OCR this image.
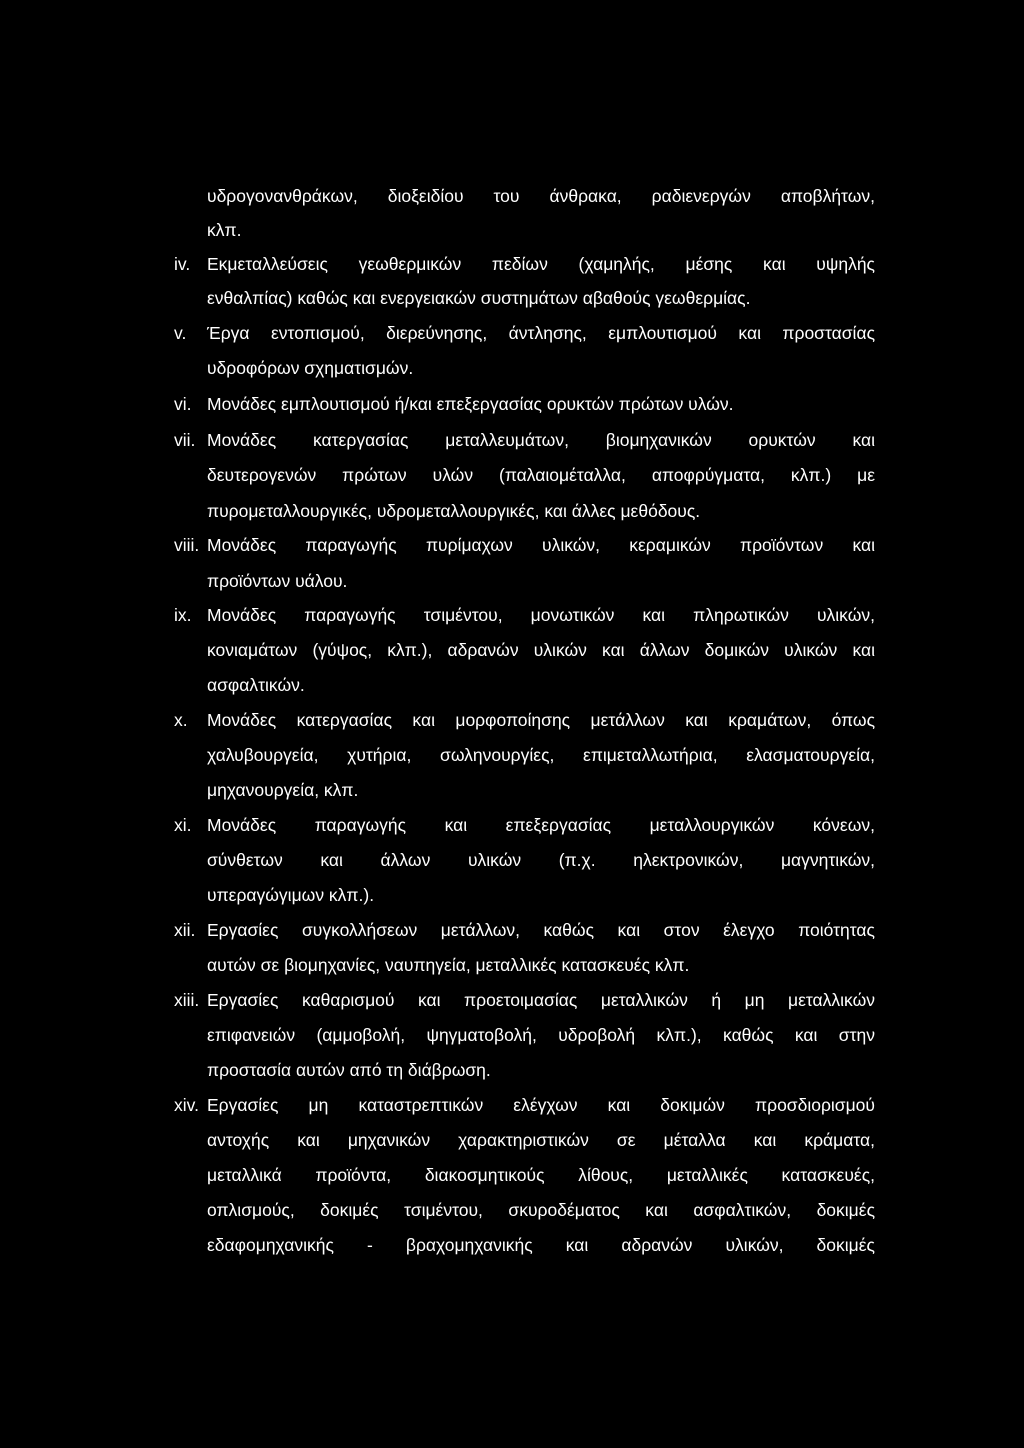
υδρογονανθράκων, διοξειδίου του άνθρακα, ραδιενεργών αποβλήτων,
κλπ.
iv. Εκμεταλλεύσεις γεωθερμικών πεδίων (χαμηλής, μέσης και υψηλής
ενθαλπίας) καθώς και ενεργειακών συστημάτων αβαθούς γεωθερμίας.
v. Έργα εντοπισμού, διερεύνησης, άντλησης, εμπλουτισμού και προστασίας
υδροφόρων σχηματισμών.
vi. Μονάδες εμπλουτισμού ή/και επεξεργασίας ορυκτών πρώτων υλών.
vii. Μονάδες κατεργασίας μεταλλευμάτων, βιομηχανικών ορυκτών και
δευτερογενών πρώτων υλών (παλαιομέταλλα, αποφρύγματα, κλπ.) με
πυρομεταλλουργικές, υδρομεταλλουργικές, και άλλες μεθόδους.
viii. Μονάδες παραγωγής πυρίμαχων υλικών, κεραμικών προϊόντων και
προϊόντων υάλου.
ix. Μονάδες παραγωγής τσιμέντου, μονωτικών και πληρωτικών υλικών,
κονιαμάτων (γύψος, κλπ.), αδρανών υλικών και άλλων δομικών υλικών και
ασφαλτικών.
x. Μονάδες κατεργασίας και μορφοποίησης μετάλλων και κραμάτων, όπως
χαλυβουργεία, χυτήρια, σωληνουργίες, επιμεταλλωτήρια, ελασματουργεία,
μηχανουργεία, κλπ.
xi. Μονάδες παραγωγής και επεξεργασίας μεταλλουργικών κόνεων,
σύνθετων και άλλων υλικών (π.χ. ηλεκτρονικών, μαγνητικών,
υπεραγώγιμων κλπ.).
xii. Εργασίες συγκολλήσεων μετάλλων, καθώς και στον έλεγχο ποιότητας
αυτών σε βιομηχανίες, ναυπηγεία, μεταλλικές κατασκευές κλπ.
xiii. Εργασίες καθαρισμού και προετοιμασίας μεταλλικών ή μη μεταλλικών
επιφανειών (αμμοβολή, ψηγματοβολή, υδροβολή κλπ.), καθώς και στην
προστασία αυτών από τη διάβρωση.
xiv. Εργασίες μη καταστρεπτικών ελέγχων και δοκιμών προσδιορισμού
αντοχής και μηχανικών χαρακτηριστικών σε μέταλλα και κράματα,
μεταλλικά προϊόντα, διακοσμητικούς λίθους, μεταλλικές κατασκευές,
οπλισμούς, δοκιμές τσιμέντου, σκυροδέματος και ασφαλτικών, δοκιμές
εδαφομηχανικής - βραχομηχανικής και αδρανών υλικών, δοκιμές
